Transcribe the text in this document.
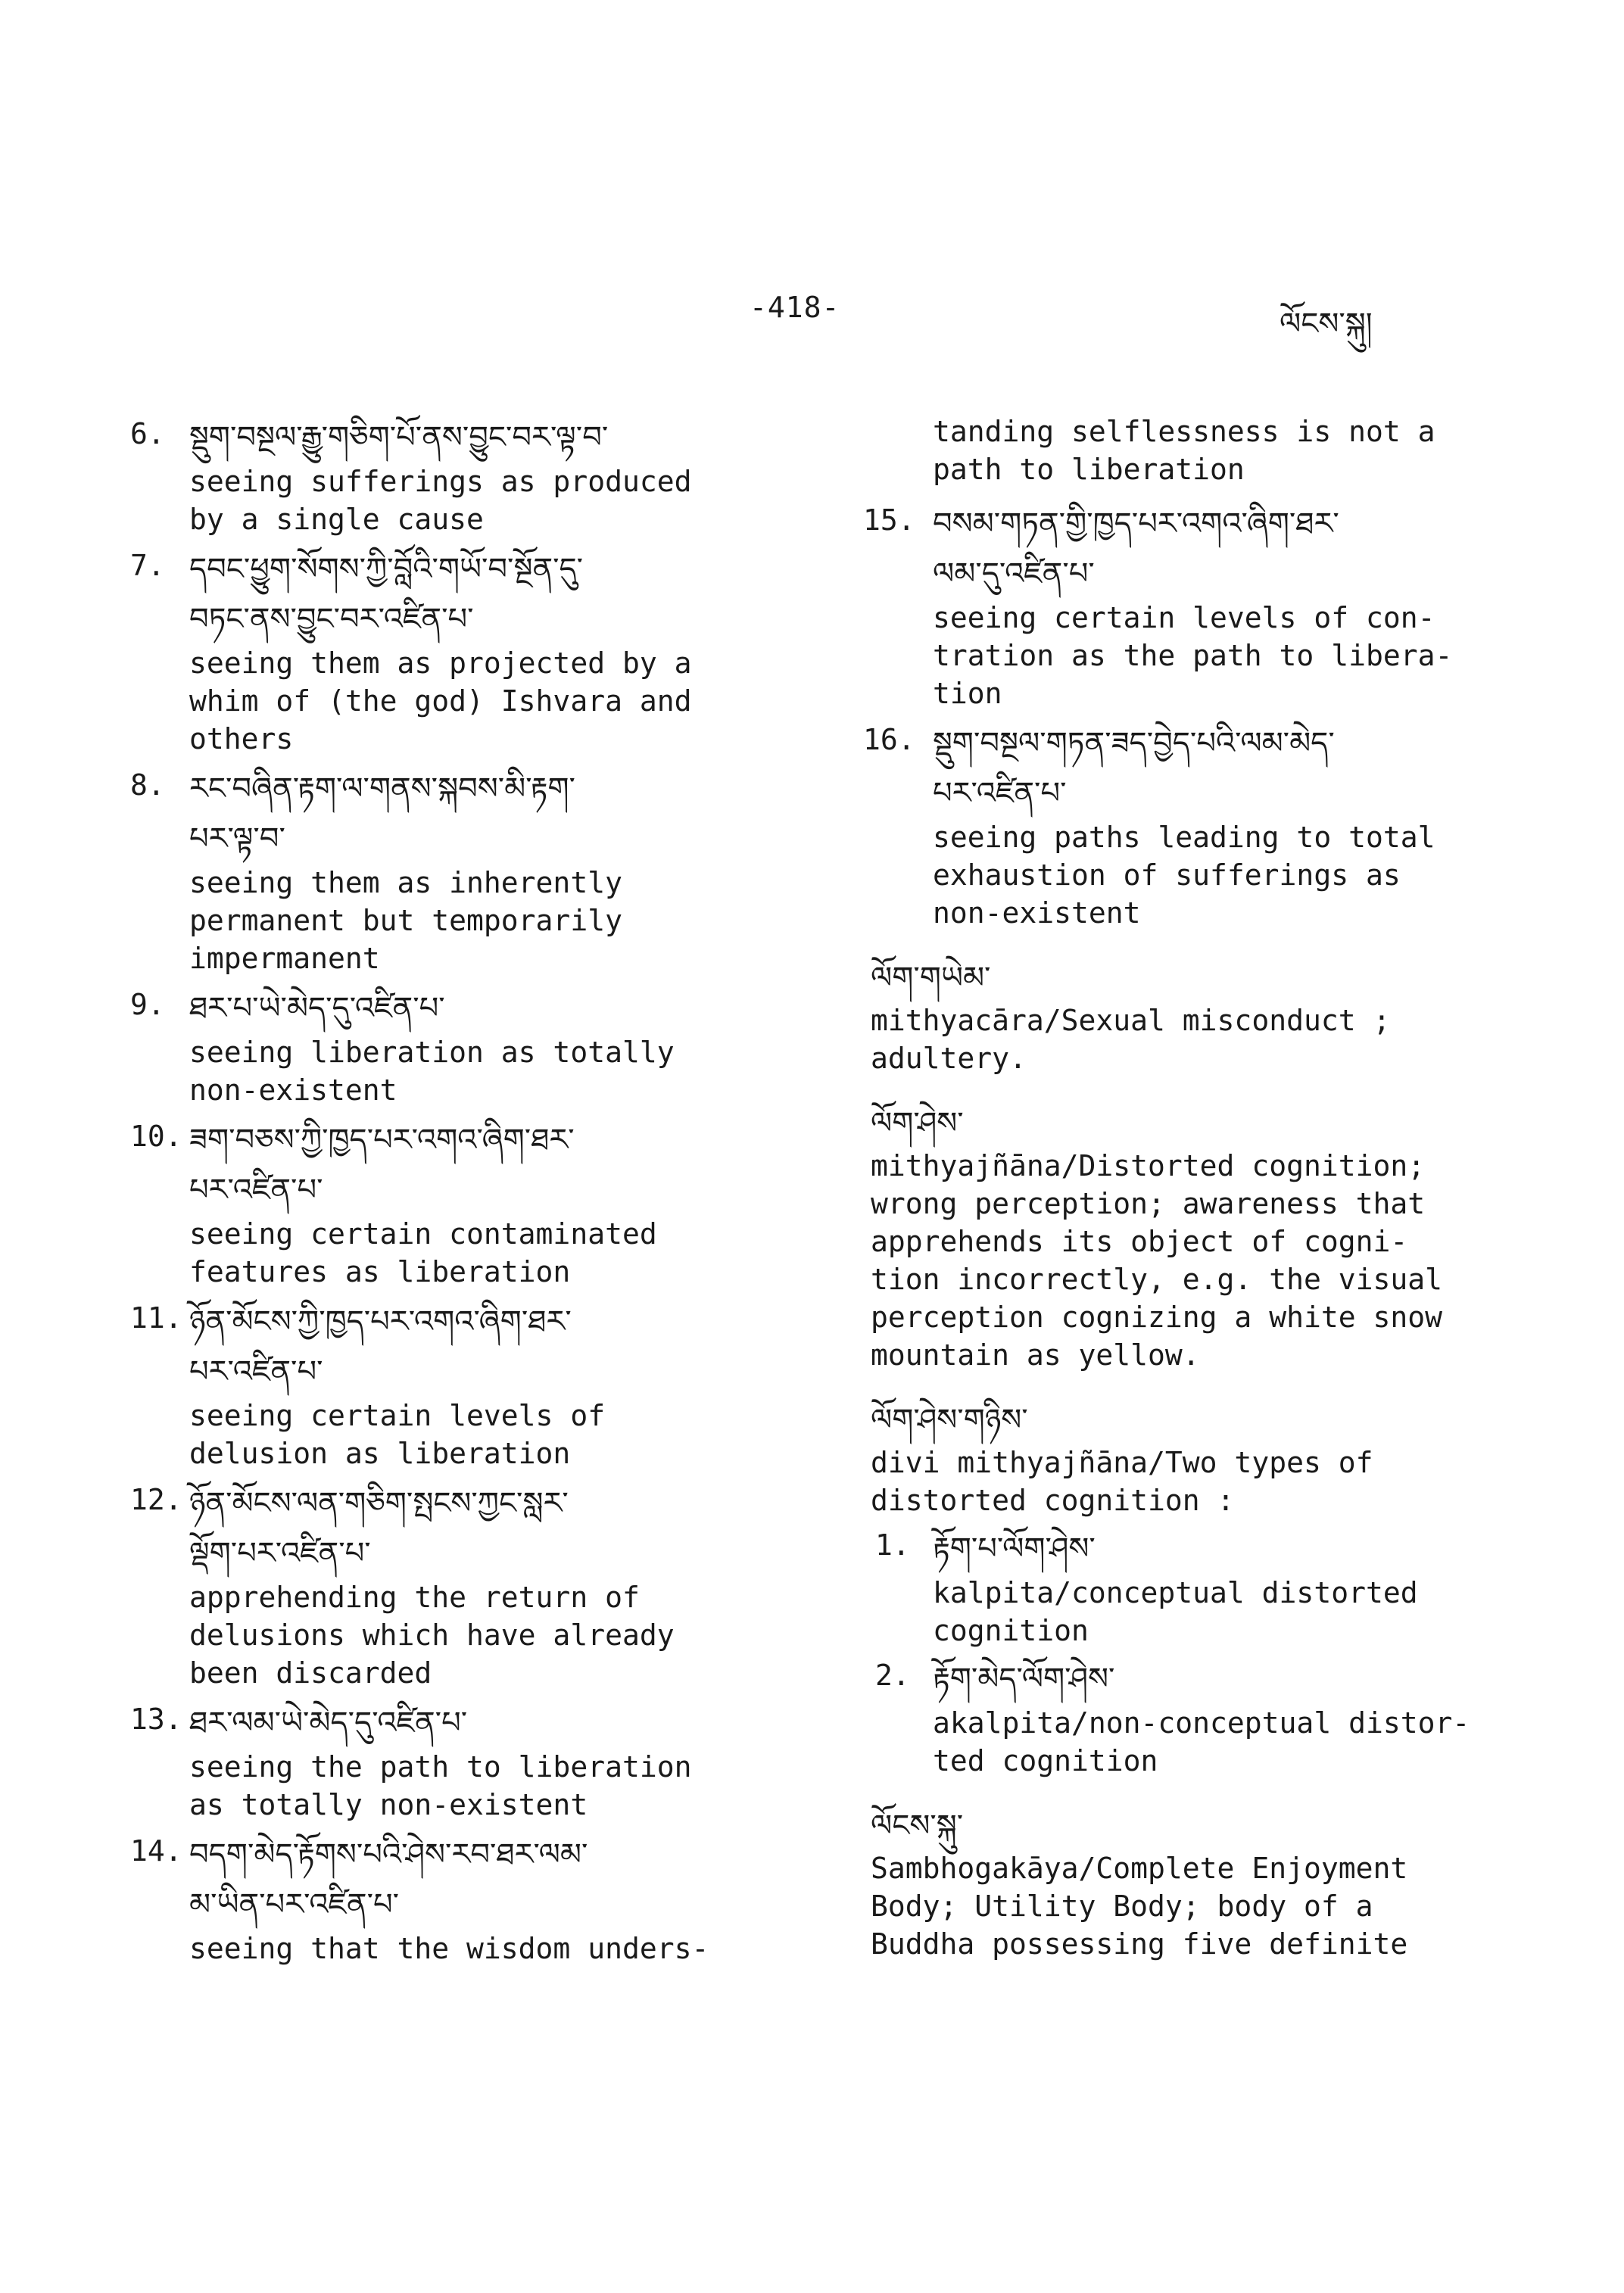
-418-	ལོངས་སྐུ།
6. སྡུག་བསྔལ་རྒྱུ་གཅིག་པོ་ནས་བྱུང་བར་ལྟ་བ་
seeing sufferings as produced
by a single cause
7. དབང་ཕྱུག་སོགས་ཀྱི་བློའི་གཡོ་བ་སྔོན་དུ་
བཏང་ནས་བྱུང་བར་འཛིན་པ་
seeing them as projected by a
whim of (the god) Ishvara and
others
8. རང་བཞིན་རྟག་ལ་གནས་སྐབས་མི་རྟག་
པར་ལྟ་བ་
seeing them as inherently
permanent but temporarily
impermanent
9. ཐར་པ་ཡེ་མེད་དུ་འཛིན་པ་
seeing liberation as totally
non-existent
10. ཟག་བཅས་ཀྱི་ཁྱད་པར་འགའ་ཞིག་ཐར་
པར་འཛིན་པ་
seeing certain contaminated
features as liberation
11. ཉོན་མོངས་ཀྱི་ཁྱད་པར་འགའ་ཞིག་ཐར་
པར་འཛིན་པ་
seeing certain levels of
delusion as liberation
12. ཉོན་མོངས་ལན་གཅིག་སྤངས་ཀྱང་སླར་
ལྡོག་པར་འཛིན་པ་
apprehending the return of
delusions which have already
been discarded
13. ཐར་ལམ་ཡེ་མེད་དུ་འཛིན་པ་
seeing the path to liberation
as totally non-existent
14. བདག་མེད་རྟོགས་པའི་ཤེས་རབ་ཐར་ལམ་
མ་ཡིན་པར་འཛིན་པ་
seeing that the wisdom unders-
tanding selflessness is not a
path to liberation
15. བསམ་གཏན་གྱི་ཁྱད་པར་འགའ་ཞིག་ཐར་
ལམ་དུ་འཛིན་པ་
seeing certain levels of con-
tration as the path to libera-
tion
16. སྡུག་བསྔལ་གཏན་ཟད་བྱེད་པའི་ལམ་མེད་
པར་འཛིན་པ་
seeing paths leading to total
exhaustion of sufferings as
non-existent
ལོག་གཡེམ་
mithyacāra/Sexual misconduct ;
adultery.
ལོག་ཤེས་
mithyajñāna/Distorted cognition;
wrong perception; awareness that
apprehends its object of cogni-
tion incorrectly, e.g. the visual
perception cognizing a white snow
mountain as yellow.
ལོག་ཤེས་གཉིས་
divi mithyajñāna/Two types of
distorted cognition :
1. རྟོག་པ་ལོག་ཤེས་
kalpita/conceptual distorted
cognition
2. རྟོག་མེད་ལོག་ཤེས་
akalpita/non-conceptual distor-
ted cognition
ལོངས་སྐུ་
Sambhogakāya/Complete Enjoyment
Body; Utility Body; body of a
Buddha possessing five definite
